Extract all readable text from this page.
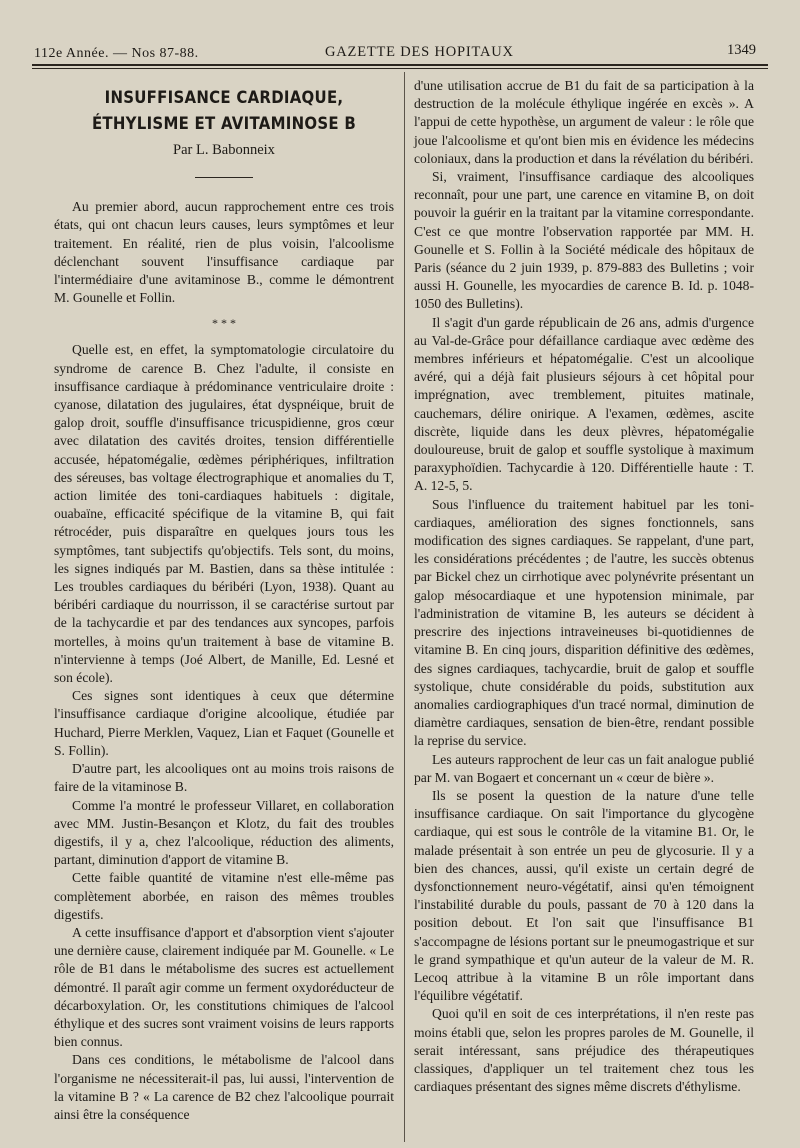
112e Année. — Nos 87-88.	GAZETTE DES HOPITAUX	1349
INSUFFISANCE CARDIAQUE,
ÉTHYLISME ET AVITAMINOSE B
Par L. Babonneix

Au premier abord, aucun rapprochement entre ces trois états, qui ont chacun leurs causes, leurs symptômes et leur traitement. En réalité, rien de plus voisin, l'alcoolisme déclenchant souvent l'insuffisance cardiaque par l'intermédiaire d'une avitaminose B., comme le démontrent M. Gounelle et Follin.

* * *

Quelle est, en effet, la symptomatologie circulatoire du syndrome de carence B. Chez l'adulte, il consiste en insuffisance cardiaque à prédominance ventriculaire droite : cyanose, dilatation des jugulaires, état dyspnéique, bruit de galop droit, souffle d'insuffisance tricuspidienne, gros cœur avec dilatation des cavités droites, tension différentielle accusée, hépatomégalie, œdèmes périphériques, infiltration des séreuses, bas voltage électrographique et anomalies du T, action limitée des toni-cardiaques habituels : digitale, ouabaïne, efficacité spécifique de la vitamine B, qui fait rétrocéder, puis disparaître en quelques jours tous les symptômes, tant subjectifs qu'objectifs. Tels sont, du moins, les signes indiqués par M. Bastien, dans sa thèse intitulée : Les troubles cardiaques du béribéri (Lyon, 1938). Quant au béribéri cardiaque du nourrisson, il se caractérise surtout par de la tachycardie et par des tendances aux syncopes, parfois mortelles, à moins qu'un traitement à base de vitamine B. n'intervienne à temps (Joé Albert, de Manille, Ed. Lesné et son école).

Ces signes sont identiques à ceux que détermine l'insuffisance cardiaque d'origine alcoolique, étudiée par Huchard, Pierre Merklen, Vaquez, Lian et Faquet (Gounelle et S. Follin).

D'autre part, les alcooliques ont au moins trois raisons de faire de la vitaminose B.

Comme l'a montré le professeur Villaret, en collaboration avec MM. Justin-Besançon et Klotz, du fait des troubles digestifs, il y a, chez l'alcoolique, réduction des aliments, partant, diminution d'apport de vitamine B.

Cette faible quantité de vitamine n'est elle-même pas complètement aborbée, en raison des mêmes troubles digestifs.

A cette insuffisance d'apport et d'absorption vient s'ajouter une dernière cause, clairement indiquée par M. Gounelle. « Le rôle de B1 dans le métabolisme des sucres est actuellement démontré. Il paraît agir comme un ferment oxydoréducteur de décarboxylation. Or, les constitutions chimiques de l'alcool éthylique et des sucres sont vraiment voisins de leurs rapports bien connus.

Dans ces conditions, le métabolisme de l'alcool dans l'organisme ne nécessiterait-il pas, lui aussi, l'intervention de la vitamine B ? « La carence de B2 chez l'alcoolique pourrait ainsi être la conséquence

d'une utilisation accrue de B1 du fait de sa participation à la destruction de la molécule éthylique ingérée en excès ». A l'appui de cette hypothèse, un argument de valeur : le rôle que joue l'alcoolisme et qu'ont bien mis en évidence les médecins coloniaux, dans la production et dans la révélation du béribéri.

Si, vraiment, l'insuffisance cardiaque des alcooliques reconnaît, pour une part, une carence en vitamine B, on doit pouvoir la guérir en la traitant par la vitamine correspondante. C'est ce que montre l'observation rapportée par MM. H. Gounelle et S. Follin à la Société médicale des hôpitaux de Paris (séance du 2 juin 1939, p. 879-883 des Bulletins ; voir aussi H. Gounelle, les myocardies de carence B. Id. p. 1048-1050 des Bulletins).

Il s'agit d'un garde républicain de 26 ans, admis d'urgence au Val-de-Grâce pour défaillance cardiaque avec œdème des membres inférieurs et hépatomégalie. C'est un alcoolique avéré, qui a déjà fait plusieurs séjours à cet hôpital pour imprégnation, avec tremblement, pituites matinale, cauchemars, délire onirique. A l'examen, œdèmes, ascite discrète, liquide dans les deux plèvres, hépatomégalie douloureuse, bruit de galop et souffle systolique à maximum paraxyphoïdien. Tachycardie à 120. Différentielle haute : T. A. 12-5, 5.

Sous l'influence du traitement habituel par les toni-cardiaques, amélioration des signes fonctionnels, sans modification des signes cardiaques. Se rappelant, d'une part, les considérations précédentes ; de l'autre, les succès obtenus par Bickel chez un cirrhotique avec polynévrite présentant un galop mésocardiaque et une hypotension minimale, par l'administration de vitamine B, les auteurs se décident à prescrire des injections intraveineuses bi-quotidiennes de vitamine B. En cinq jours, disparition définitive des œdèmes, des signes cardiaques, tachycardie, bruit de galop et souffle systolique, chute considérable du poids, substitution aux anomalies cardiographiques d'un tracé normal, diminution de diamètre cardiaques, sensation de bien-être, rendant possible la reprise du service.

Les auteurs rapprochent de leur cas un fait analogue publié par M. van Bogaert et concernant un « cœur de bière ».

Ils se posent la question de la nature d'une telle insuffisance cardiaque. On sait l'importance du glycogène cardiaque, qui est sous le contrôle de la vitamine B1. Or, le malade présentait à son entrée un peu de glycosurie. Il y a bien des chances, aussi, qu'il existe un certain degré de dysfonctionnement neuro-végétatif, ainsi qu'en témoignent l'instabilité durable du pouls, passant de 70 à 120 dans la position debout. Et l'on sait que l'insuffisance B1 s'accompagne de lésions portant sur le pneumogastrique et sur le grand sympathique et qu'un auteur de la valeur de M. R. Lecoq attribue à la vitamine B un rôle important dans l'équilibre végétatif.

Quoi qu'il en soit de ces interprétations, il n'en reste pas moins établi que, selon les propres paroles de M. Gounelle, il serait intéressant, sans préjudice des thérapeutiques classiques, d'appliquer un tel traitement chez tous les cardiaques présentant des signes même discrets d'éthylisme.
